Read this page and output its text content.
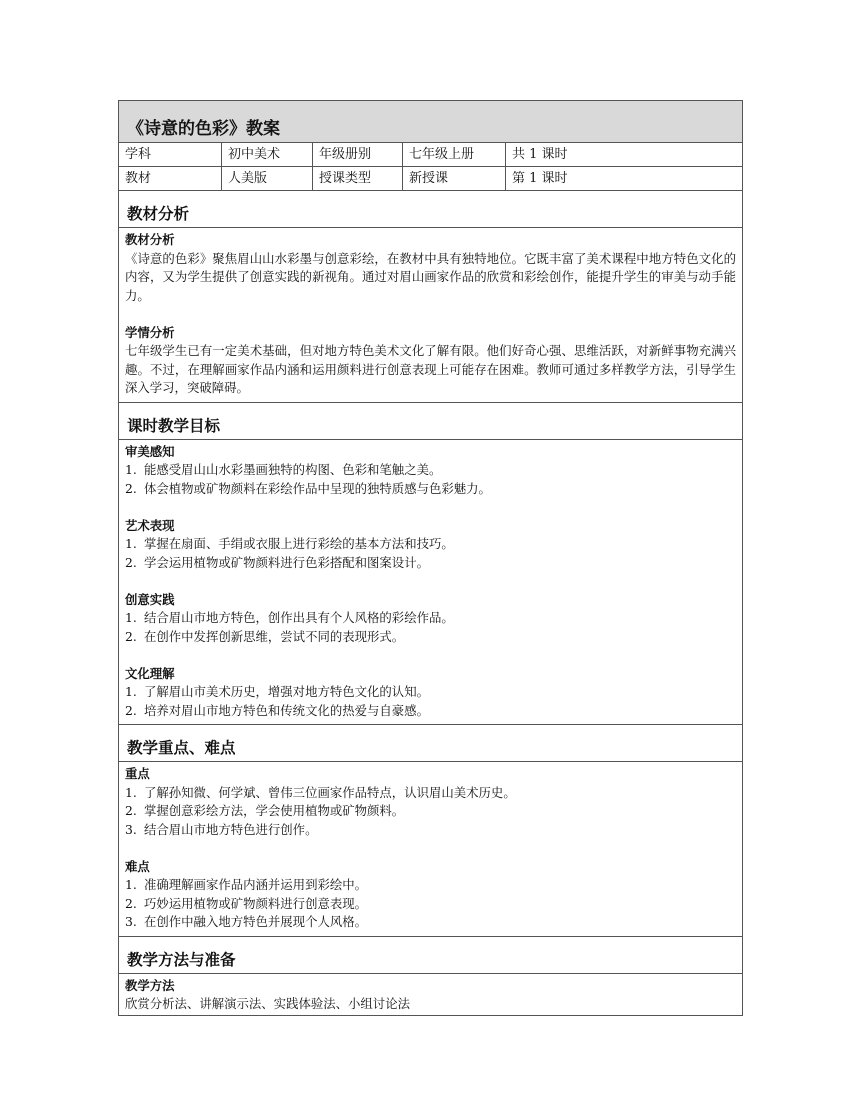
《诗意的色彩》教案
学科	初中美术	年级册别	七年级上册	共 1 课时
教材	人美版	授课类型	新授课	第 1 课时
教材分析
教材分析
《诗意的色彩》聚焦眉山山水彩墨与创意彩绘，在教材中具有独特地位。它既丰富了美术课程中地方特色文化的内容，又为学生提供了创意实践的新视角。通过对眉山画家作品的欣赏和彩绘创作，能提升学生的审美与动手能力。
学情分析
七年级学生已有一定美术基础，但对地方特色美术文化了解有限。他们好奇心强、思维活跃，对新鲜事物充满兴趣。不过，在理解画家作品内涵和运用颜料进行创意表现上可能存在困难。教师可通过多样教学方法，引导学生深入学习，突破障碍。
课时教学目标
审美感知
1. 能感受眉山山水彩墨画独特的构图、色彩和笔触之美。
2. 体会植物或矿物颜料在彩绘作品中呈现的独特质感与色彩魅力。
艺术表现
1. 掌握在扇面、手绢或衣服上进行彩绘的基本方法和技巧。
2. 学会运用植物或矿物颜料进行色彩搭配和图案设计。
创意实践
1. 结合眉山市地方特色，创作出具有个人风格的彩绘作品。
2. 在创作中发挥创新思维，尝试不同的表现形式。
文化理解
1. 了解眉山市美术历史，增强对地方特色文化的认知。
2. 培养对眉山市地方特色和传统文化的热爱与自豪感。
教学重点、难点
重点
1. 了解孙知微、何学斌、曾伟三位画家作品特点，认识眉山美术历史。
2. 掌握创意彩绘方法，学会使用植物或矿物颜料。
3. 结合眉山市地方特色进行创作。
难点
1. 准确理解画家作品内涵并运用到彩绘中。
2. 巧妙运用植物或矿物颜料进行创意表现。
3. 在创作中融入地方特色并展现个人风格。
教学方法与准备
教学方法
欣赏分析法、讲解演示法、实践体验法、小组讨论法
